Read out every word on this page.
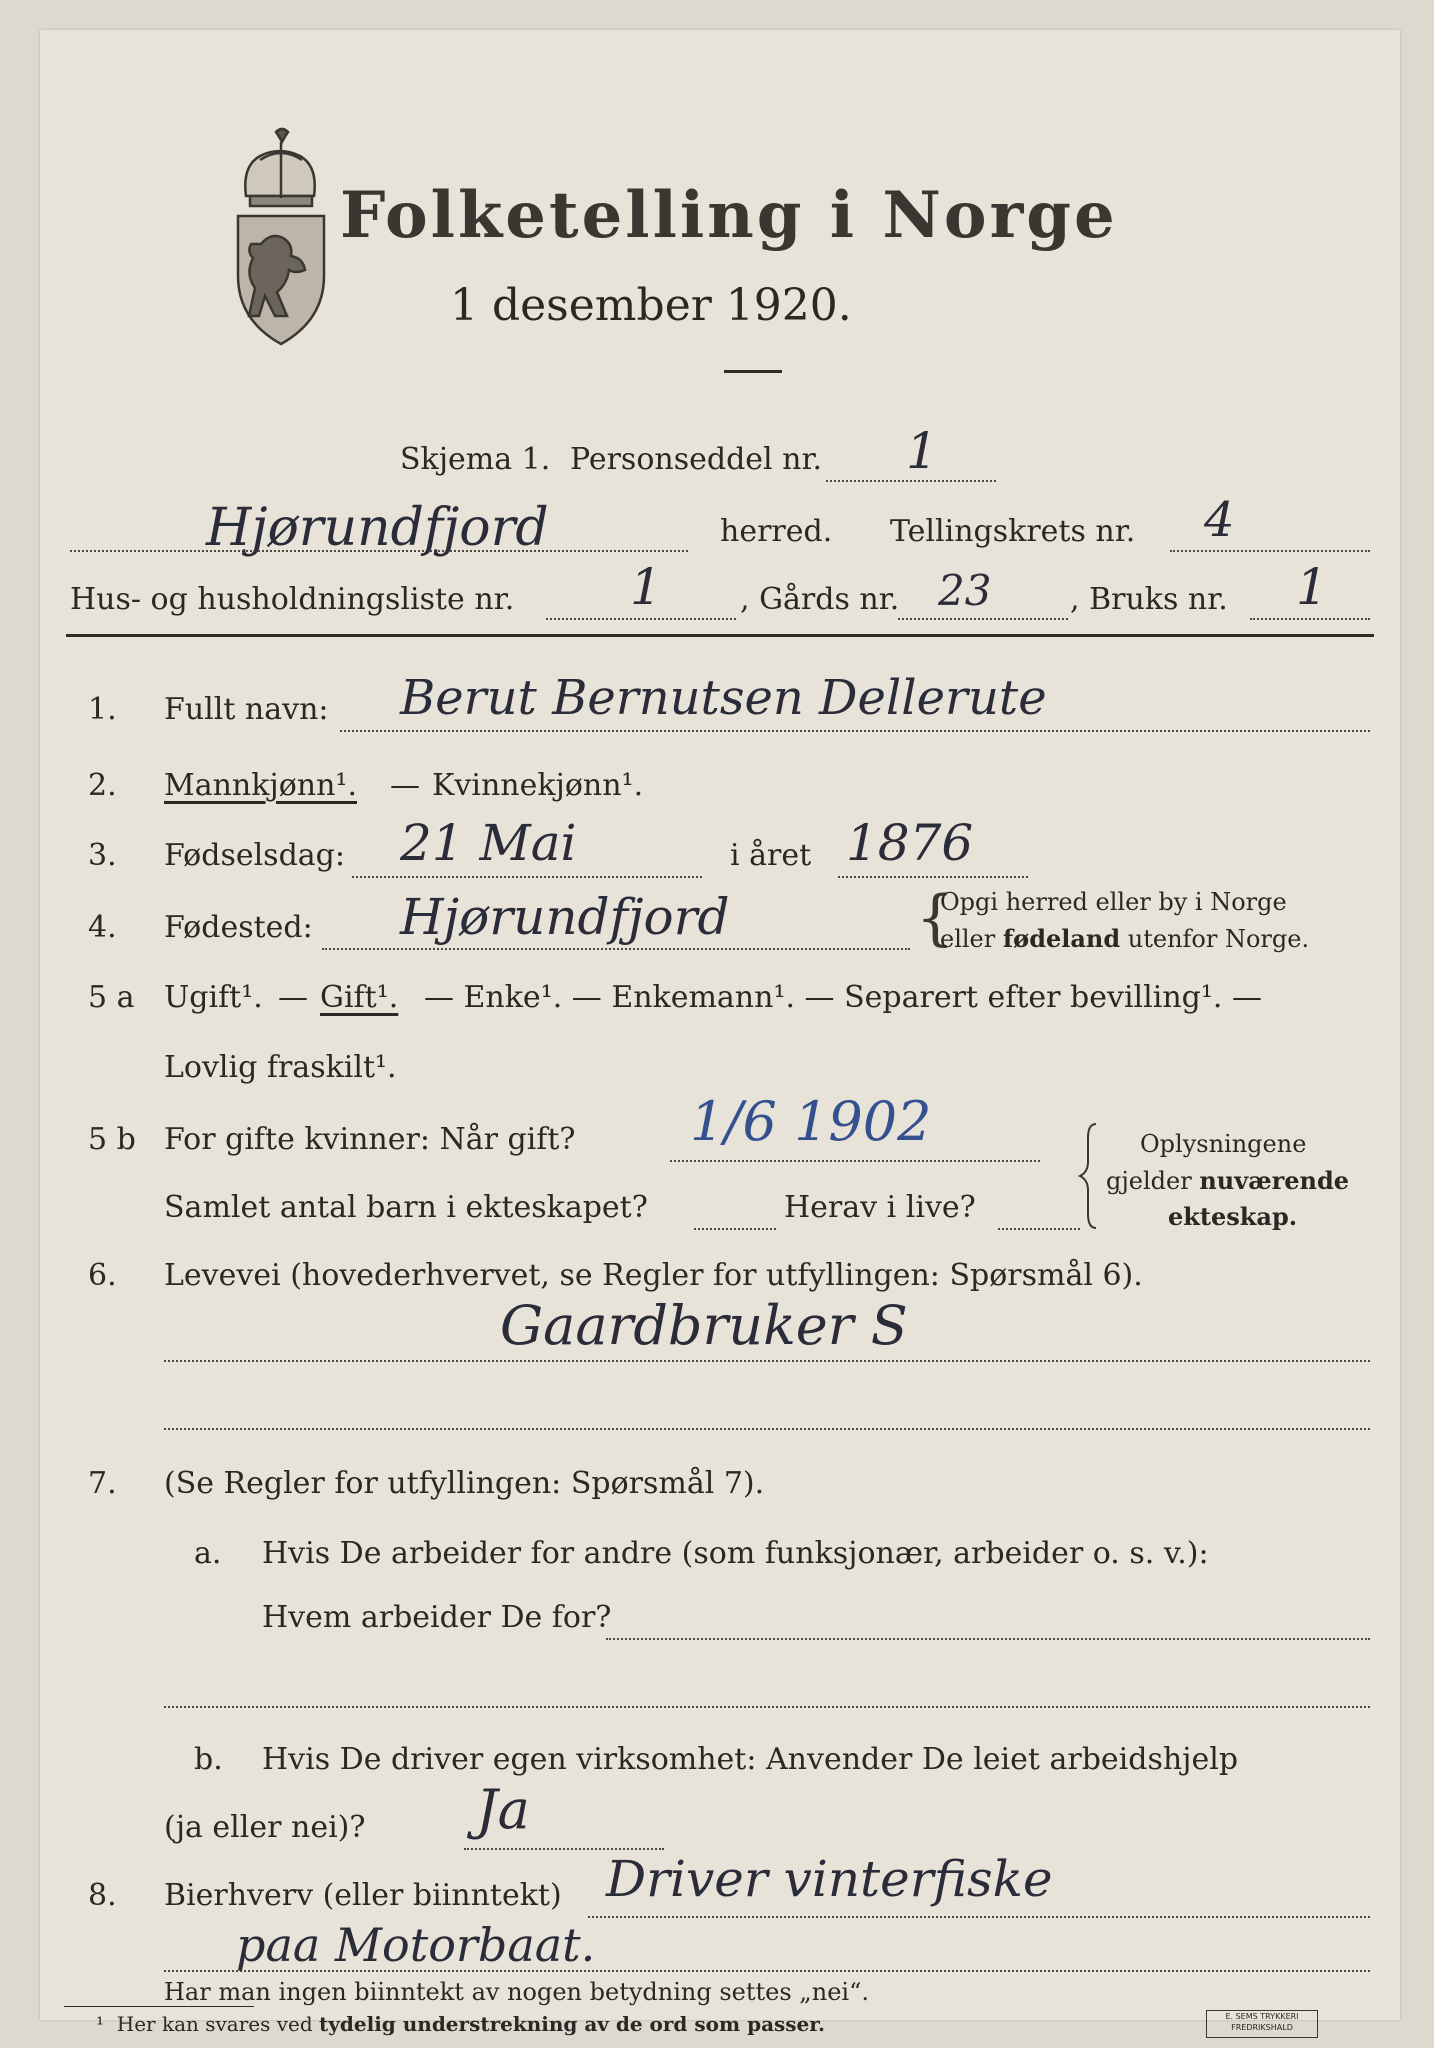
Folketelling i Norge
1 desember 1920.
Skjema 1. Personseddel nr. 1
Hjørundfjord	herred. Tellingskrets nr. 4
Hus- og husholdningsliste nr. 1	, Gårds nr. 23	, Bruks nr. 1
1. Fullt navn: Berut Bernutsen Dellerute
2. Mannkjønn¹. — Kvinnekjønn¹.
3. Fødselsdag: 21 Mai	i året 1876
4. Fødested: Hjørundfjord	{
Opgi herred eller by i Norge
eller fødeland utenfor Norge.
5 a Ugift¹. — Gift¹. — Enke¹. — Enkemann¹. — Separert efter bevilling¹. —
Lovlig fraskilt¹.
5 b For gifte kvinner: Når gift? 1/6 1902
Samlet antal barn i ekteskapet?	Herav i live?
Oplysningene
gjelder nuværende
ekteskap.
6. Levevei (hovederhvervet, se Regler for utfyllingen: Spørsmål 6).
Gaardbruker S
7. (Se Regler for utfyllingen: Spørsmål 7).
a. Hvis De arbeider for andre (som funksjonær, arbeider o. s. v.):
Hvem arbeider De for?
b. Hvis De driver egen virksomhet: Anvender De leiet arbeidshjelp
(ja eller nei)? Ja
8. Bierhverv (eller biinntekt) Driver vinterfiske
paa Motorbaat.
Har man ingen biinntekt av nogen betydning settes „nei“.
¹ Her kan svares ved tydelig understrekning av de ord som passer.	E. SEMS TRYKKERI
FREDRIKSHALD
